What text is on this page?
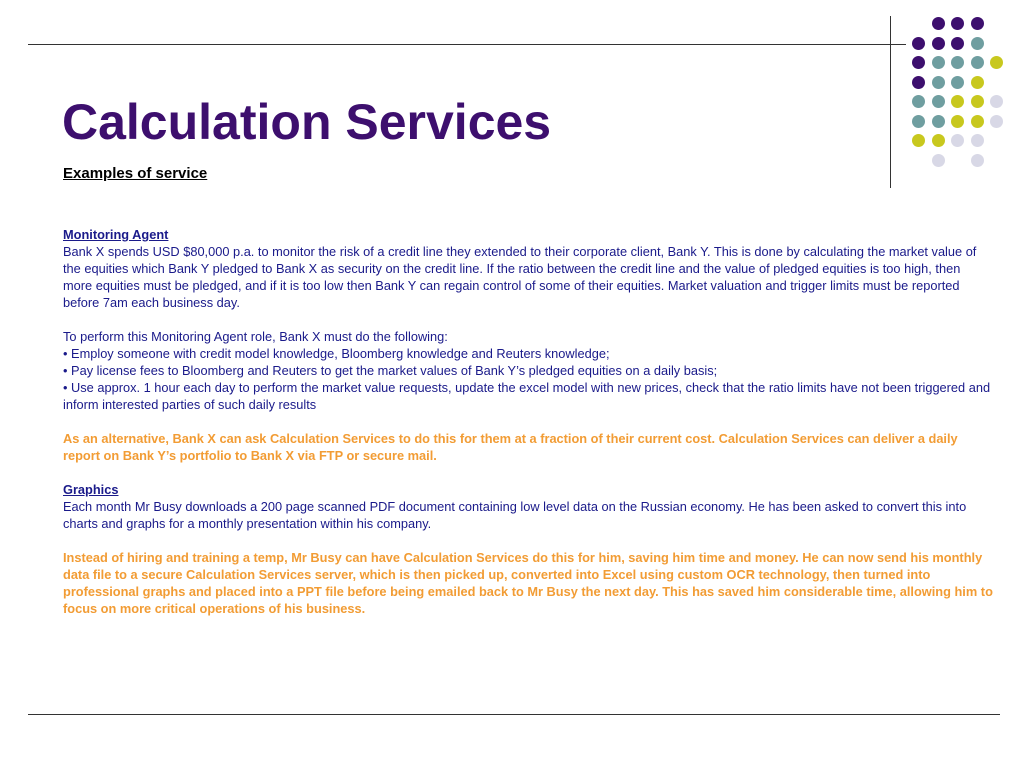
Calculation Services
Examples of service

Monitoring Agent

Bank X spends USD $80,000 p.a. to monitor the risk of a credit line they extended to their corporate client, Bank Y. This is done by calculating the market value of the equities which Bank Y pledged to Bank X as security on the credit line. If the ratio between the credit line and the value of pledged equities is too high, then more equities must be pledged, and if it is too low then Bank Y can regain control of some of their equities. Market valuation and trigger limits must be reported before 7am each business day.

To perform this Monitoring Agent role, Bank X must do the following:

• Employ someone with credit model knowledge, Bloomberg knowledge and Reuters knowledge;

• Pay license fees to Bloomberg and Reuters to get the market values of Bank Y’s pledged equities on a daily basis;

• Use approx. 1 hour each day to perform the market value requests, update the excel model with new prices, check that the ratio limits have not been triggered and inform interested parties of such daily results

As an alternative, Bank X can ask Calculation Services to do this for them at a fraction of their current cost. Calculation Services can deliver a daily report on Bank Y’s portfolio to Bank X via FTP or secure mail.

Graphics

Each month Mr Busy downloads a 200 page scanned PDF document containing low level data on the Russian economy. He has been asked to convert this into charts and graphs for a monthly presentation within his company.

Instead of hiring and training a temp, Mr Busy can have Calculation Services do this for him, saving him time and money. He can now send his monthly data file to a secure Calculation Services server, which is then picked up, converted into Excel using custom OCR technology, then turned into professional graphs and placed into a PPT file before being emailed back to Mr Busy the next day. This has saved him considerable time, allowing him to focus on more critical operations of his business.
